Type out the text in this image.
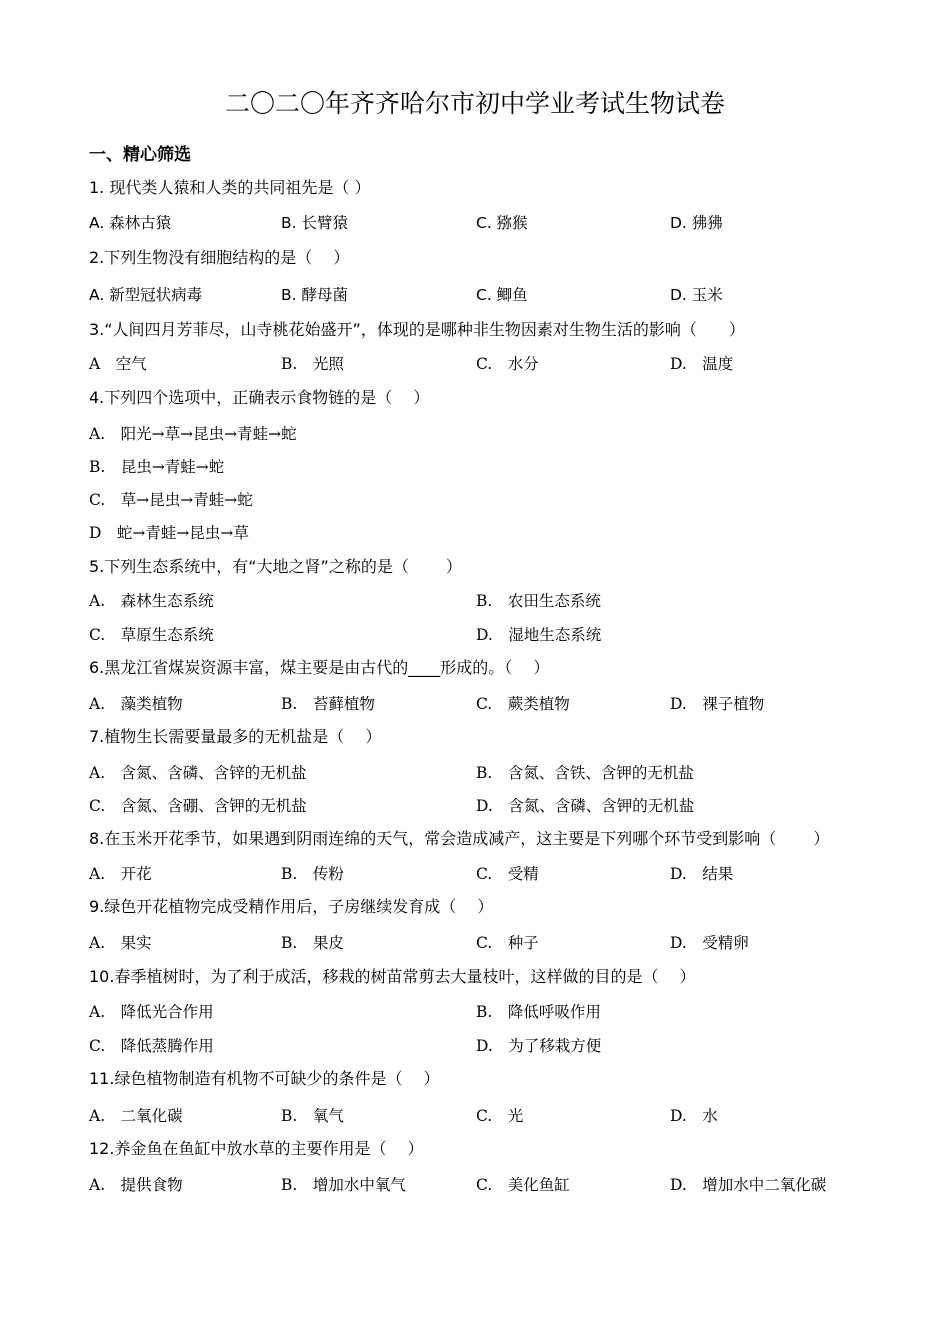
二〇二〇年齐齐哈尔市初中学业考试生物试卷
一、精心筛选
1. 现代类人猿和人类的共同祖先是（ ）
A. 森林古猿	B. 长臂猿	C. 猕猴	D. 狒狒
2.下列生物没有细胞结构的是（　 ）
A. 新型冠状病毒	B. 酵母菌	C. 鲫鱼	D. 玉米
3.“人间四月芳菲尽，山寺桃花始盛开”，体现的是哪种非生物因素对生物生活的影响（　　）
A　空气	B.　光照	C.　水分	D.　温度
4.下列四个选项中，正确表示食物链的是（　 ）
A.　阳光→草→昆虫→青蛙→蛇
B.　昆虫→青蛙→蛇
C.　草→昆虫→青蛙→蛇
D　蛇→青蛙→昆虫→草
5.下列生态系统中，有“大地之肾”之称的是（　　 ）
A.　森林生态系统	B.　农田生态系统
C.　草原生态系统	D.　湿地生态系统
6.黑龙江省煤炭资源丰富，煤主要是由古代的____形成的。（　 ）
A.　藻类植物	B.　苔藓植物	C.　蕨类植物	D.　裸子植物
7.植物生长需要量最多的无机盐是（　 ）
A.　含氮、含磷、含锌的无机盐	B.　含氮、含铁、含钾的无机盐
C.　含氮、含硼、含钾的无机盐	D.　含氮、含磷、含钾的无机盐
8.在玉米开花季节，如果遇到阴雨连绵的天气，常会造成减产，这主要是下列哪个环节受到影响（　　 ）
A.　开花	B.　传粉	C.　受精	D.　结果
9.绿色开花植物完成受精作用后，子房继续发育成（　 ）
A.　果实	B.　果皮	C.　种子	D.　受精卵
10.春季植树时，为了利于成活，移栽的树苗常剪去大量枝叶，这样做的目的是（　 ）
A.　降低光合作用	B.　降低呼吸作用
C.　降低蒸腾作用	D.　为了移栽方便
11.绿色植物制造有机物不可缺少的条件是（　 ）
A.　二氧化碳	B.　氧气	C.　光	D.　水
12.养金鱼在鱼缸中放水草的主要作用是（　 ）
A.　提供食物	B.　增加水中氧气	C.　美化鱼缸	D.　增加水中二氧化碳
